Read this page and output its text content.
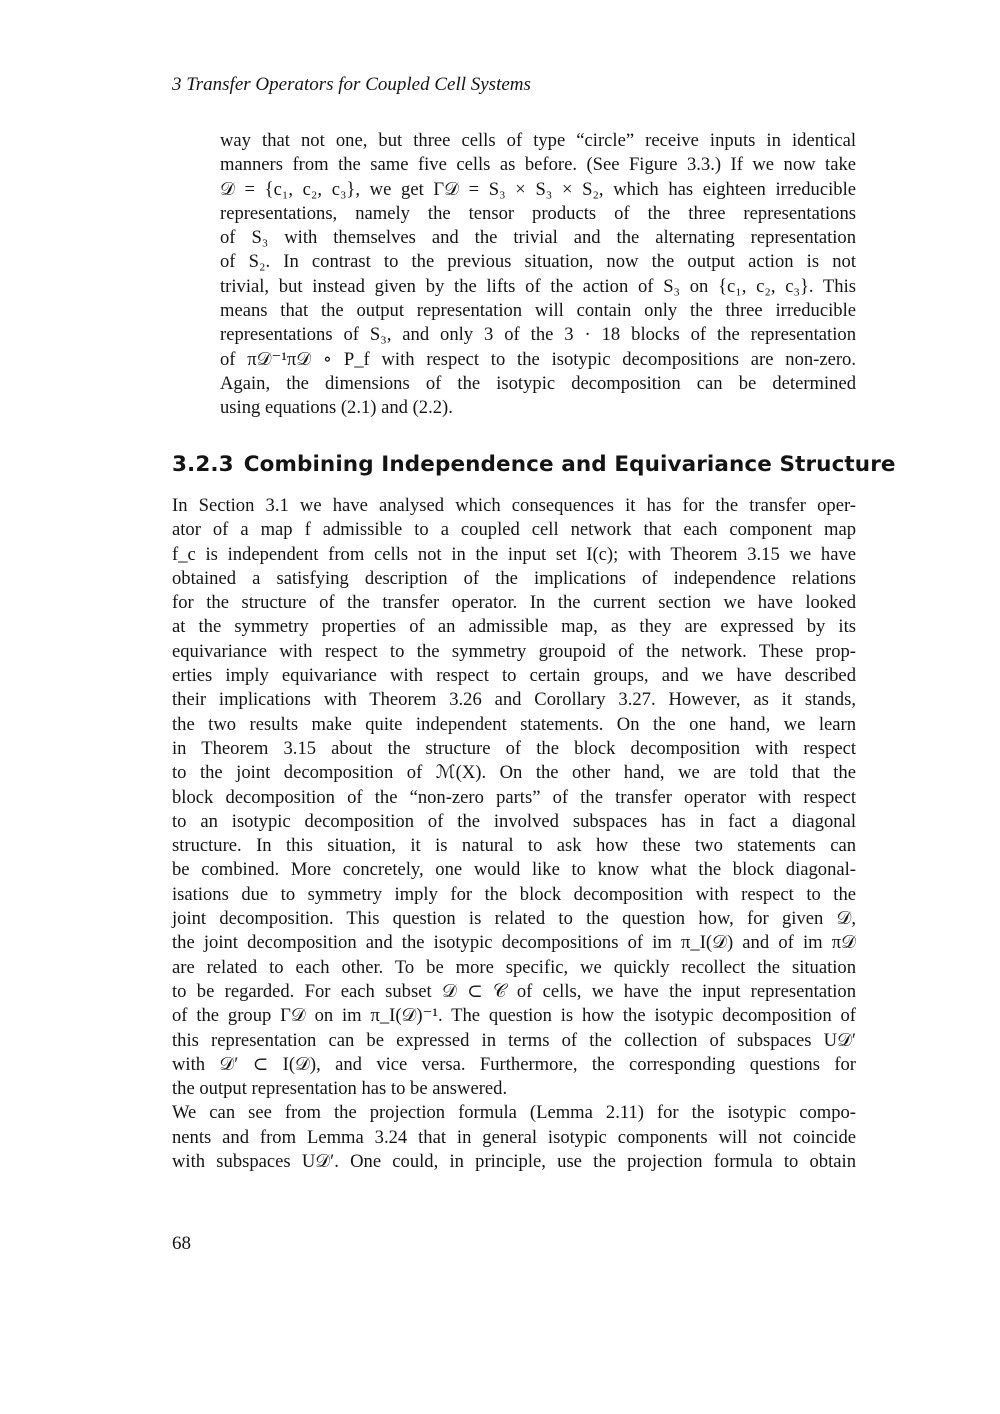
3 Transfer Operators for Coupled Cell Systems
way that not one, but three cells of type “circle” receive inputs in identical
manners from the same five cells as before. (See Figure 3.3.) If we now take
𝒟 = {c₁, c₂, c₃}, we get Γ𝒟 = S₃ × S₃ × S₂, which has eighteen irreducible
representations, namely the tensor products of the three representations
of S₃ with themselves and the trivial and the alternating representation
of S₂. In contrast to the previous situation, now the output action is not
trivial, but instead given by the lifts of the action of S₃ on {c₁, c₂, c₃}. This
means that the output representation will contain only the three irreducible
representations of S₃, and only 3 of the 3 · 18 blocks of the representation
of π𝒟⁻¹π𝒟 ∘ P_f with respect to the isotypic decompositions are non-zero.
Again, the dimensions of the isotypic decomposition can be determined
using equations (2.1) and (2.2).
3.2.3 Combining Independence and Equivariance Structure
In Section 3.1 we have analysed which consequences it has for the transfer oper-
ator of a map f admissible to a coupled cell network that each component map
f_c is independent from cells not in the input set I(c); with Theorem 3.15 we have
obtained a satisfying description of the implications of independence relations
for the structure of the transfer operator. In the current section we have looked
at the symmetry properties of an admissible map, as they are expressed by its
equivariance with respect to the symmetry groupoid of the network. These prop-
erties imply equivariance with respect to certain groups, and we have described
their implications with Theorem 3.26 and Corollary 3.27. However, as it stands,
the two results make quite independent statements. On the one hand, we learn
in Theorem 3.15 about the structure of the block decomposition with respect
to the joint decomposition of ℳ(X). On the other hand, we are told that the
block decomposition of the “non-zero parts” of the transfer operator with respect
to an isotypic decomposition of the involved subspaces has in fact a diagonal
structure. In this situation, it is natural to ask how these two statements can
be combined. More concretely, one would like to know what the block diagonal-
isations due to symmetry imply for the block decomposition with respect to the
joint decomposition. This question is related to the question how, for given 𝒟,
the joint decomposition and the isotypic decompositions of im π_I(𝒟) and of im π𝒟
are related to each other. To be more specific, we quickly recollect the situation
to be regarded. For each subset 𝒟 ⊂ 𝒞 of cells, we have the input representation
of the group Γ𝒟 on im π_I(𝒟)⁻¹. The question is how the isotypic decomposition of
this representation can be expressed in terms of the collection of subspaces U𝒟′
with 𝒟′ ⊂ I(𝒟), and vice versa. Furthermore, the corresponding questions for
the output representation has to be answered.
We can see from the projection formula (Lemma 2.11) for the isotypic compo-
nents and from Lemma 3.24 that in general isotypic components will not coincide
with subspaces U𝒟′. One could, in principle, use the projection formula to obtain
68
